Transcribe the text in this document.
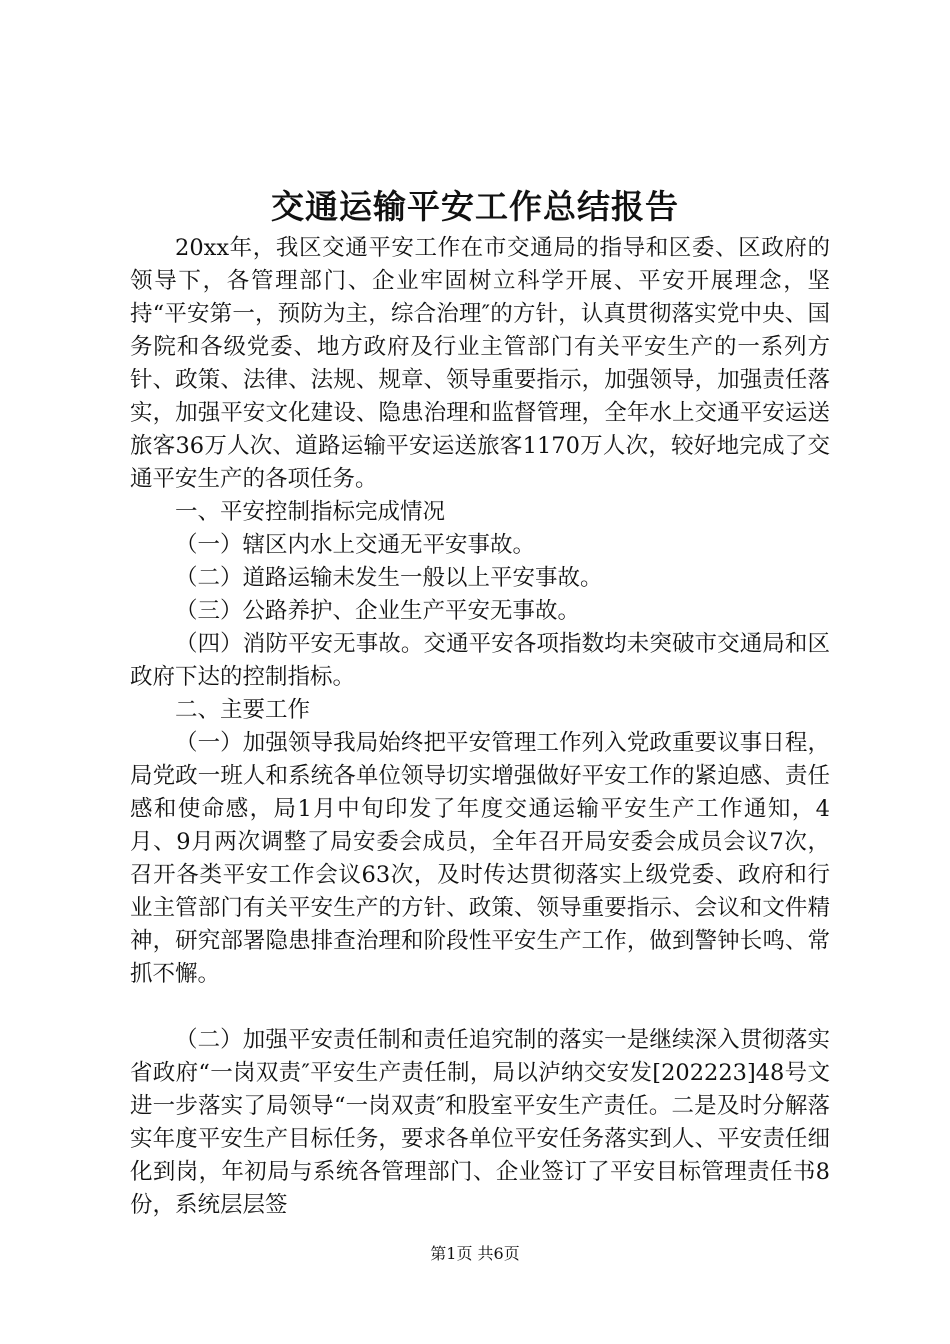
交通运输平安工作总结报告

20xx年，我区交通平安工作在市交通局的指导和区委、区政府的领导下，各管理部门、企业牢固树立科学开展、平安开展理念，坚持“平安第一，预防为主，综合治理″的方针，认真贯彻落实党中央、国务院和各级党委、地方政府及行业主管部门有关平安生产的一系列方针、政策、法律、法规、规章、领导重要指示，加强领导，加强责任落实，加强平安文化建设、隐患治理和监督管理，全年水上交通平安运送旅客36万人次、道路运输平安运送旅客1170万人次，较好地完成了交通平安生产的各项任务。

一、平安控制指标完成情况

（一）辖区内水上交通无平安事故。

（二）道路运输未发生一般以上平安事故。

（三）公路养护、企业生产平安无事故。

（四）消防平安无事故。交通平安各项指数均未突破市交通局和区政府下达的控制指标。

二、主要工作

（一）加强领导我局始终把平安管理工作列入党政重要议事日程，局党政一班人和系统各单位领导切实增强做好平安工作的紧迫感、责任感和使命感，局1月中旬印发了年度交通运输平安生产工作通知，4月、9月两次调整了局安委会成员，全年召开局安委会成员会议7次，召开各类平安工作会议63次，及时传达贯彻落实上级党委、政府和行业主管部门有关平安生产的方针、政策、领导重要指示、会议和文件精神，研究部署隐患排查治理和阶段性平安生产工作，做到警钟长鸣、常抓不懈。

（二）加强平安责任制和责任追究制的落实一是继续深入贯彻落实省政府“一岗双责″平安生产责任制，局以泸纳交安发[202223]48号文进一步落实了局领导“一岗双责″和股室平安生产责任。二是及时分解落实年度平安生产目标任务，要求各单位平安任务落实到人、平安责任细化到岗，年初局与系统各管理部门、企业签订了平安目标管理责任书8份，系统层层签

第1页 共6页
